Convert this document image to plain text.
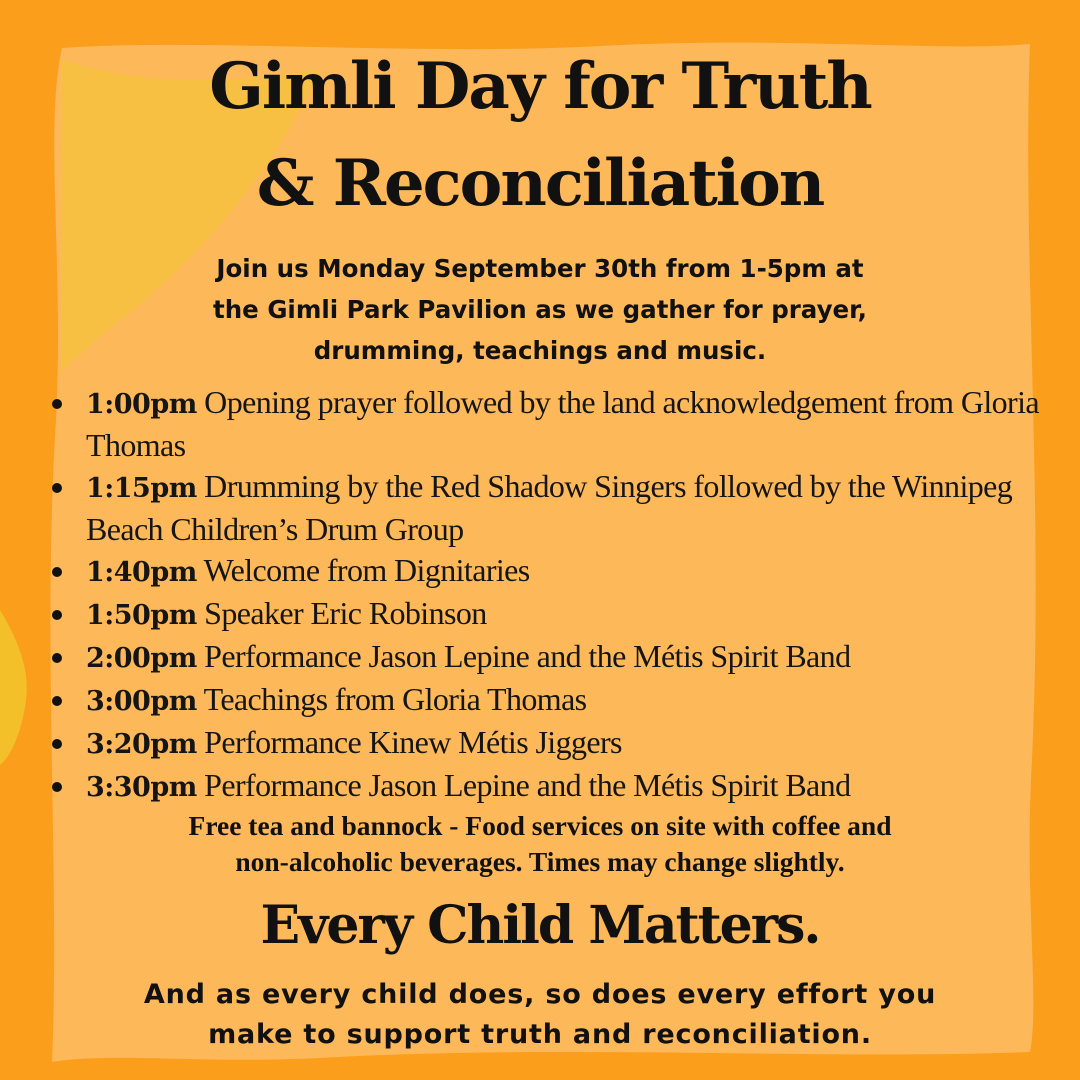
Gimli Day for Truth
& Reconciliation
Join us Monday September 30th from 1-5pm at
the Gimli Park Pavilion as we gather for prayer,
drumming, teachings and music.
1:00pm Opening prayer followed by the land acknowledgement from Gloria Thomas
1:15pm Drumming by the Red Shadow Singers followed by the Winnipeg Beach Children’s Drum Group
1:40pm Welcome from Dignitaries
1:50pm Speaker Eric Robinson
2:00pm Performance Jason Lepine and the Métis Spirit Band
3:00pm Teachings from Gloria Thomas
3:20pm Performance Kinew Métis Jiggers
3:30pm Performance Jason Lepine and the Métis Spirit Band
Free tea and bannock - Food services on site with coffee and
non-alcoholic beverages. Times may change slightly.
Every Child Matters.
And as every child does, so does every effort you
make to support truth and reconciliation.
